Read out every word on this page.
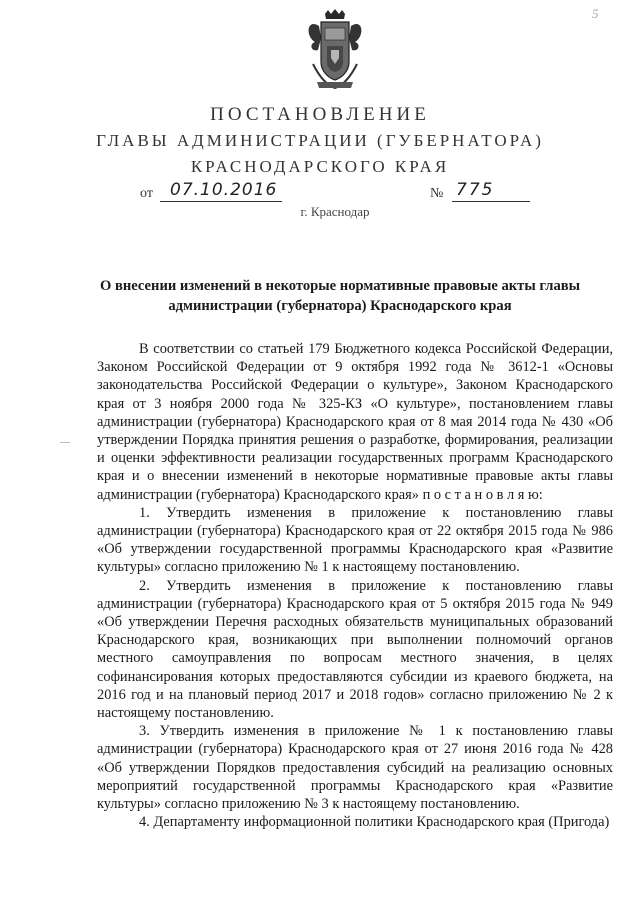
5
ПОСТАНОВЛЕНИЕ
ГЛАВЫ АДМИНИСТРАЦИИ (ГУБЕРНАТОРА)
КРАСНОДАРСКОГО КРАЯ
от 07.10.2016	№ 775
г. Краснодар
О внесении изменений в некоторые нормативные правовые акты главы администрации (губернатора) Краснодарского края

В соответствии со статьей 179 Бюджетного кодекса Российской Федерации, Законом Российской Федерации от 9 октября 1992 года № 3612-1 «Основы законодательства Российской Федерации о культуре», Законом Краснодарского края от 3 ноября 2000 года № 325-КЗ «О культуре», постановлением главы администрации (губернатора) Краснодарского края от 8 мая 2014 года № 430 «Об утверждении Порядка принятия решения о разработке, формирования, реализации и оценки эффективности реализации государственных программ Краснодарского края и о внесении изменений в некоторые нормативные правовые акты главы администрации (губернатора) Краснодарского края» п о с т а н о в л я ю:

1. Утвердить изменения в приложение к постановлению главы администрации (губернатора) Краснодарского края от 22 октября 2015 года № 986 «Об утверждении государственной программы Краснодарского края «Развитие культуры» согласно приложению № 1 к настоящему постановлению.

2. Утвердить изменения в приложение к постановлению главы администрации (губернатора) Краснодарского края от 5 октября 2015 года № 949 «Об утверждении Перечня расходных обязательств муниципальных образований Краснодарского края, возникающих при выполнении полномочий органов местного самоуправления по вопросам местного значения, в целях софинансирования которых предоставляются субсидии из краевого бюджета, на 2016 год и на плановый период 2017 и 2018 годов» согласно приложению № 2 к настоящему постановлению.

3. Утвердить изменения в приложение № 1 к постановлению главы администрации (губернатора) Краснодарского края от 27 июня 2016 года № 428 «Об утверждении Порядков предоставления субсидий на реализацию основных мероприятий государственной программы Краснодарского края «Развитие культуры» согласно приложению № 3 к настоящему постановлению.

4. Департаменту информационной политики Краснодарского края (Пригода)
